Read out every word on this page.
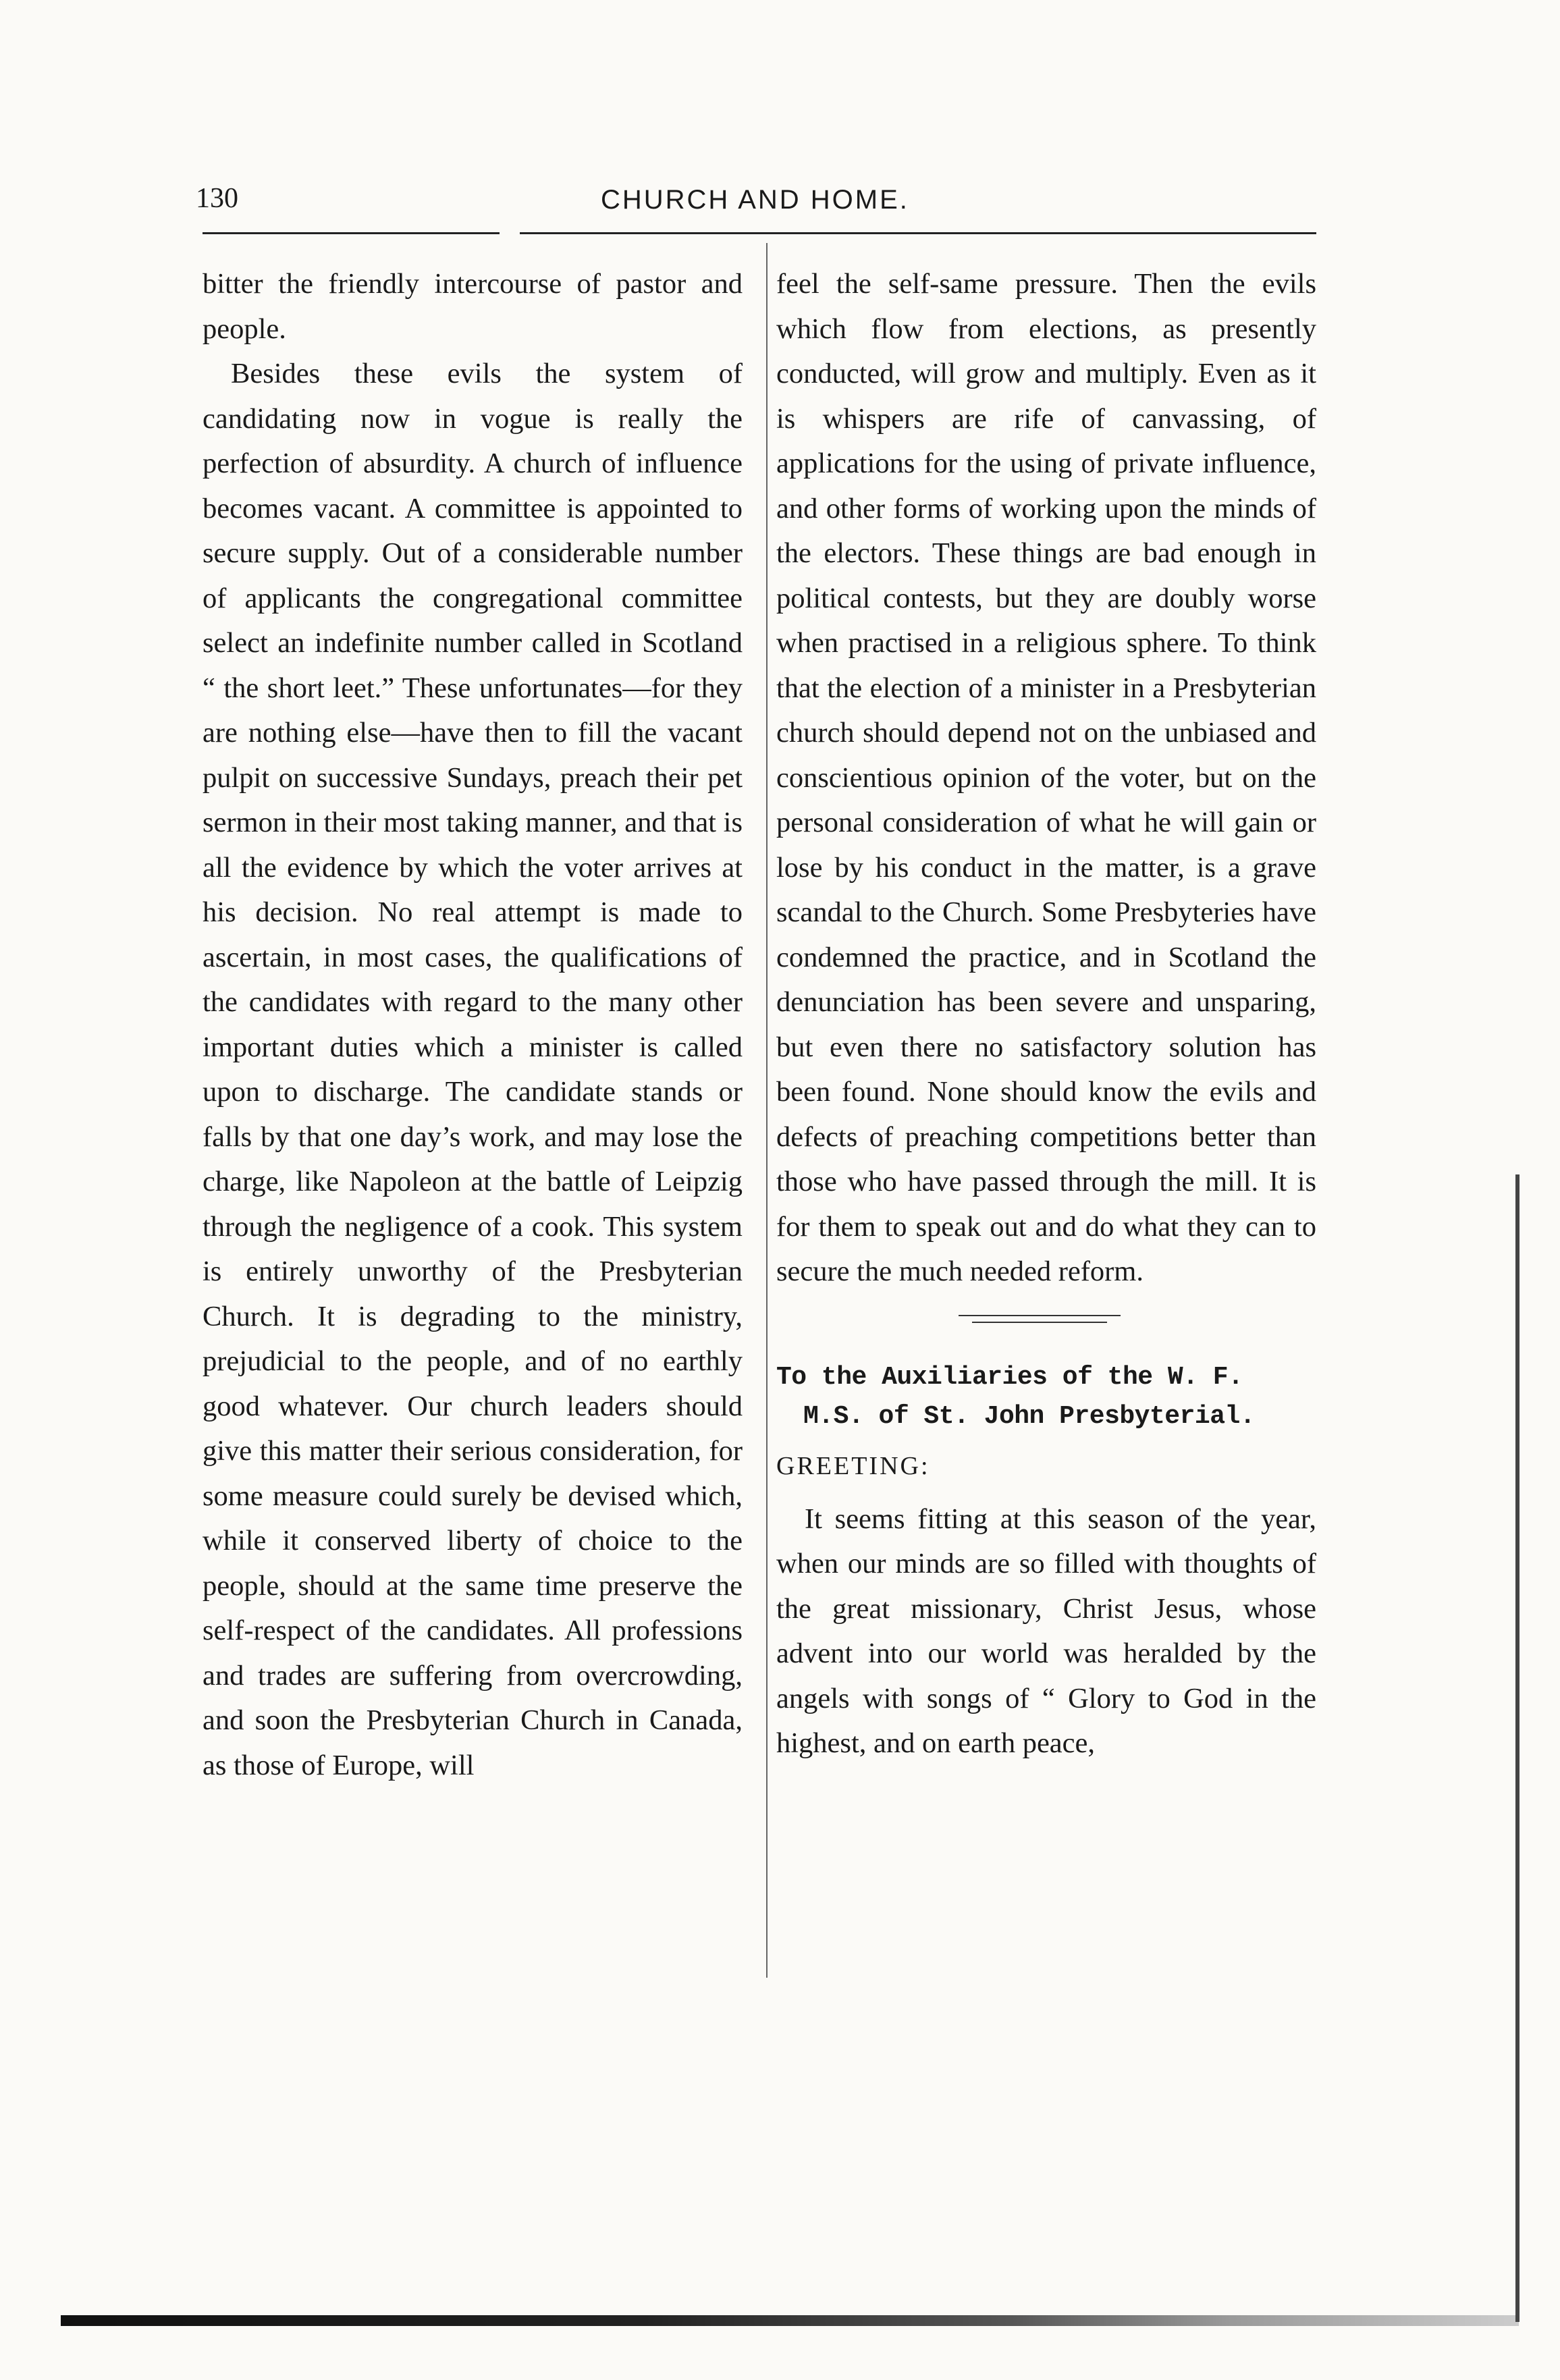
130	CHURCH AND HOME.

bitter the friendly intercourse of pastor and people.

Besides these evils the system of candidating now in vogue is really the perfection of absurdity. A church of influence becomes vacant. A committee is appointed to secure supply. Out of a considerable number of applicants the congregational committee select an indefinite number called in Scotland “ the short leet.” These unfortunates—for they are nothing else—have then to fill the vacant pulpit on successive Sundays, preach their pet sermon in their most taking manner, and that is all the evidence by which the voter arrives at his decision. No real attempt is made to ascertain, in most cases, the qualifications of the candidates with regard to the many other important duties which a minister is called upon to discharge. The candidate stands or falls by that one day’s work, and may lose the charge, like Napoleon at the battle of Leipzig through the negligence of a cook. This system is entirely unworthy of the Presbyterian Church. It is degrading to the ministry, prejudicial to the people, and of no earthly good whatever. Our church leaders should give this matter their serious consideration, for some measure could surely be devised which, while it conserved liberty of choice to the people, should at the same time preserve the self-respect of the candidates. All professions and trades are suffering from overcrowding, and soon the Presbyterian Church in Canada, as those of Europe, will

feel the self-same pressure. Then the evils which flow from elections, as presently conducted, will grow and multiply. Even as it is whispers are rife of canvassing, of applications for the using of private influence, and other forms of working upon the minds of the electors. These things are bad enough in political contests, but they are doubly worse when practised in a religious sphere. To think that the election of a minister in a Presbyterian church should depend not on the unbiased and conscientious opinion of the voter, but on the personal consideration of what he will gain or lose by his conduct in the matter, is a grave scandal to the Church. Some Presbyteries have condemned the practice, and in Scotland the denunciation has been severe and unsparing, but even there no satisfactory solution has been found. None should know the evils and defects of preaching competitions better than those who have passed through the mill. It is for them to speak out and do what they can to secure the much needed reform.

To the Auxiliaries of the W. F.
M.S. of St. John Presbyterial.
GREETING:

It seems fitting at this season of the year, when our minds are so filled with thoughts of the great missionary, Christ Jesus, whose advent into our world was heralded by the angels with songs of “ Glory to God in the highest, and on earth peace,
